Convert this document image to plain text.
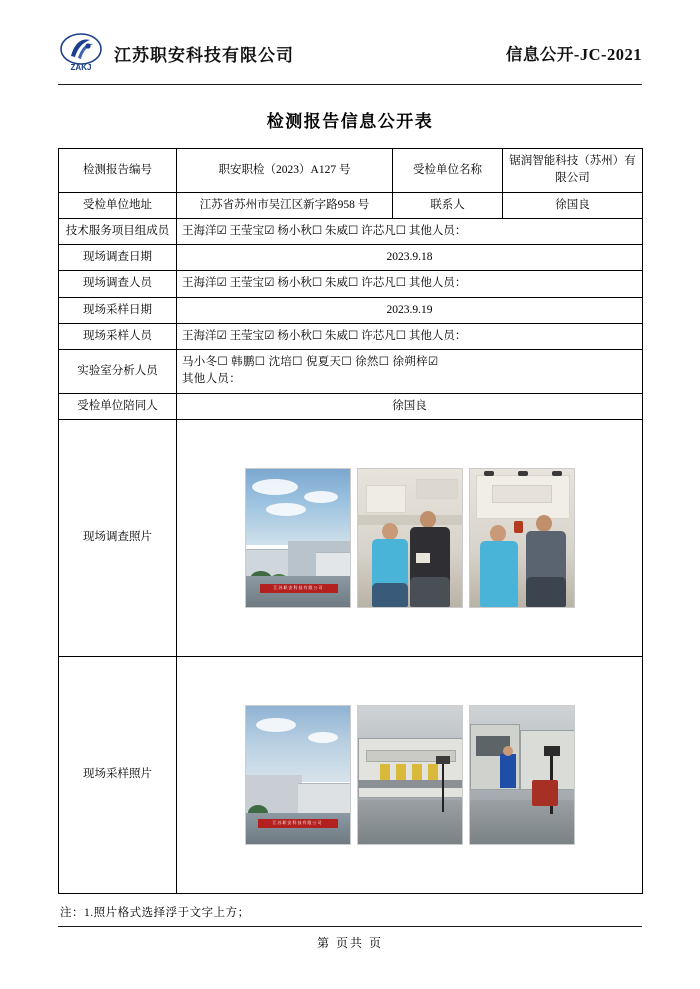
ZAKJ
江苏职安科技有限公司	信息公开-JC-2021
检测报告信息公开表
检测报告编号	职安职检（2023）A127 号	受检单位名称	锯润智能科技（苏州）有限公司
受检单位地址	江苏省苏州市吴江区新字路958 号	联系人	徐国良
技术服务项目组成员	王海洋☑ 王莹宝☑ 杨小秋☐ 朱威☐ 许芯凡☐ 其他人员：		
现场调查日期	2023.9.18		
现场调查人员	王海洋☑ 王莹宝☑ 杨小秋☐ 朱威☐ 许芯凡☐ 其他人员：		
现场采样日期	2023.9.19		
现场采样人员	王海洋☑ 王莹宝☑ 杨小秋☐ 朱威☐ 许芯凡☐ 其他人员：		
实验室分析人员	马小冬☐ 韩鹏☐ 沈培☐ 倪夏天☐ 徐然☐ 徐朔梓☑
其他人员：		

受检单位陪同人	徐国良		
现场调查照片	江苏职安科技有限公司		

现场采样照片	江苏职安科技有限公司		
注：1.照片格式选择浮于文字上方；
第 页共 页
